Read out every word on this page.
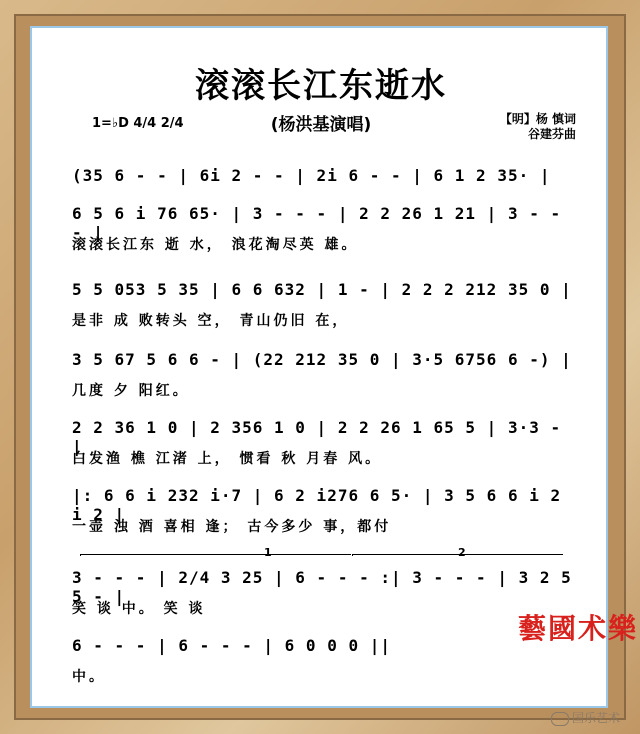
滚滚长江东逝水
(杨洪基演唱)
1=♭D 4/4 2/4	【明】杨 慎词
谷建芬曲
(35 6 - - | 6i 2 - - | 2i 6 - - | 6 1 2 35· |
6 5 6 i 76 65· | 3 - - - | 2 2 26 1 21 | 3 - - - |
滚滚长江东 逝 水， 浪花淘尽英 雄。
5 5 053 5 35 | 6 6 632 | 1 - | 2 2 2 212 35 0 |
是非 成 败转头 空， 青山仍旧 在，
3 5 67 5 6 6 - | (22 212 35 0 | 3·5 6756 6 -) |
几度 夕 阳红。
2 2 36 1 0 | 2 356 1 0 | 2 2 26 1 65 5 | 3·3 - |
白发渔 樵 江渚 上， 惯看 秋 月春 风。
|: 6 6 i 232 i·7 | 6 2 i276 6 5· | 3 5 6 6 i 2 i 2 |
一壶 浊 酒 喜相 逢； 古今多少 事，都付
1	2
3 - - - | 2/4 3 25 | 6 - - - :| 3 - - - | 3 2 5 5 - |
笑 谈 中。 笑 谈
6 - - - | 6 - - - | 6 0 0 0 ||
中。
藝國术樂
国乐艺术
